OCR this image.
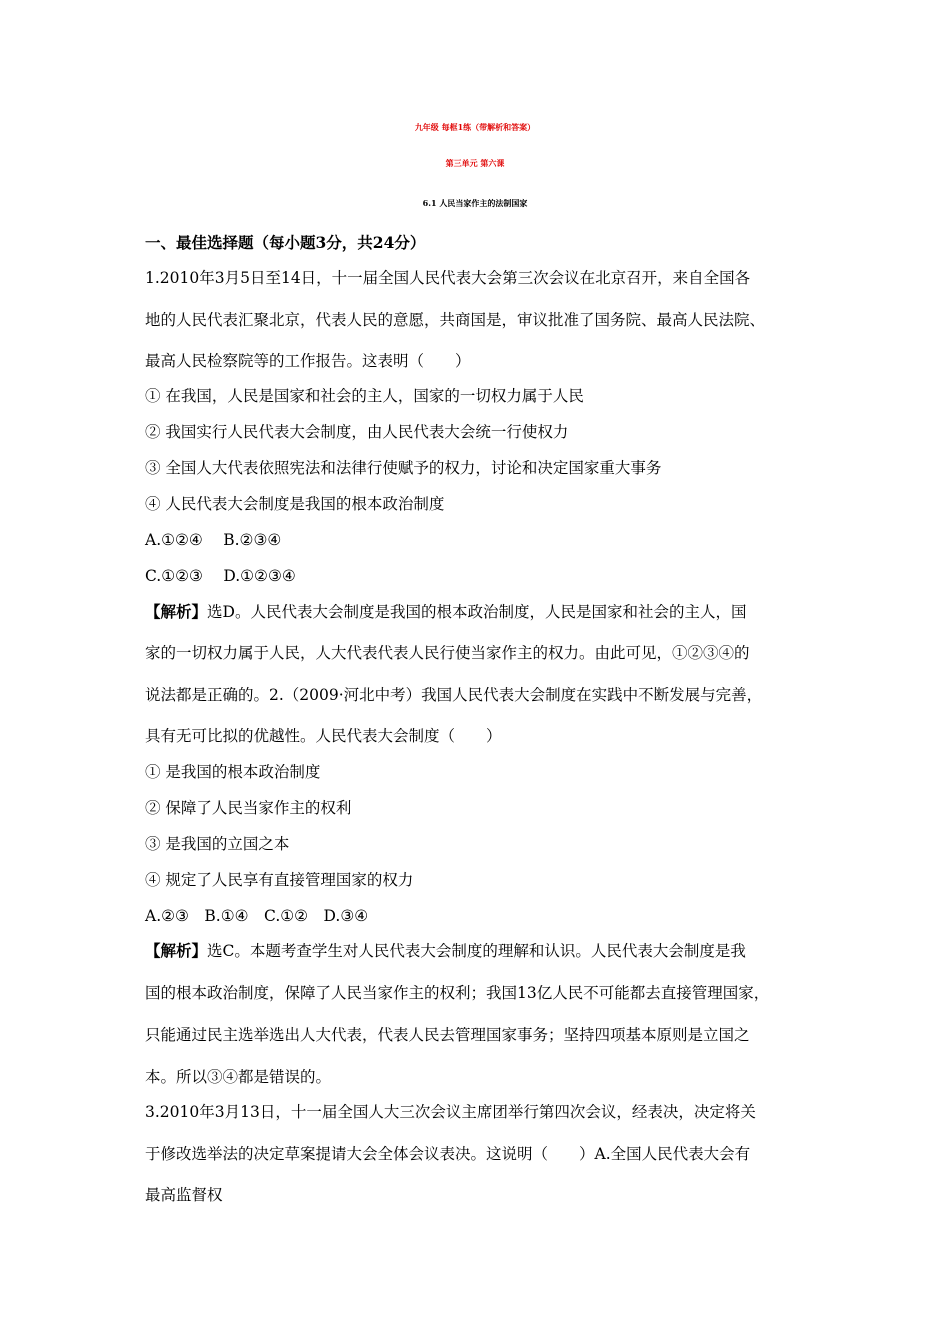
九年级 每框1练（带解析和答案）
第三单元 第六课
6.1 人民当家作主的法制国家
一、最佳选择题（每小题3分，共24分）
1.2010年3月5日至14日，十一届全国人民代表大会第三次会议在北京召开，来自全国各
地的人民代表汇聚北京，代表人民的意愿，共商国是，审议批准了国务院、最高人民法院、
最高人民检察院等的工作报告。这表明（　　）
① 在我国，人民是国家和社会的主人，国家的一切权力属于人民
② 我国实行人民代表大会制度，由人民代表大会统一行使权力
③ 全国人大代表依照宪法和法律行使赋予的权力，讨论和决定国家重大事务
④ 人民代表大会制度是我国的根本政治制度
A.①②④　 B.②③④
C.①②③　 D.①②③④
【解析】选D。人民代表大会制度是我国的根本政治制度，人民是国家和社会的主人，国
家的一切权力属于人民，人大代表代表人民行使当家作主的权力。由此可见，①②③④的
说法都是正确的。2.（2009·河北中考）我国人民代表大会制度在实践中不断发展与完善，
具有无可比拟的优越性。人民代表大会制度（　　）
① 是我国的根本政治制度
② 保障了人民当家作主的权利
③ 是我国的立国之本
④ 规定了人民享有直接管理国家的权力
A.②③　B.①④　C.①②　D.③④
【解析】选C。本题考查学生对人民代表大会制度的理解和认识。人民代表大会制度是我
国的根本政治制度，保障了人民当家作主的权利；我国13亿人民不可能都去直接管理国家，
只能通过民主选举选出人大代表，代表人民去管理国家事务；坚持四项基本原则是立国之
本。所以③④都是错误的。
3.2010年3月13日，十一届全国人大三次会议主席团举行第四次会议，经表决，决定将关
于修改选举法的决定草案提请大会全体会议表决。这说明（　　）A.全国人民代表大会有
最高监督权
